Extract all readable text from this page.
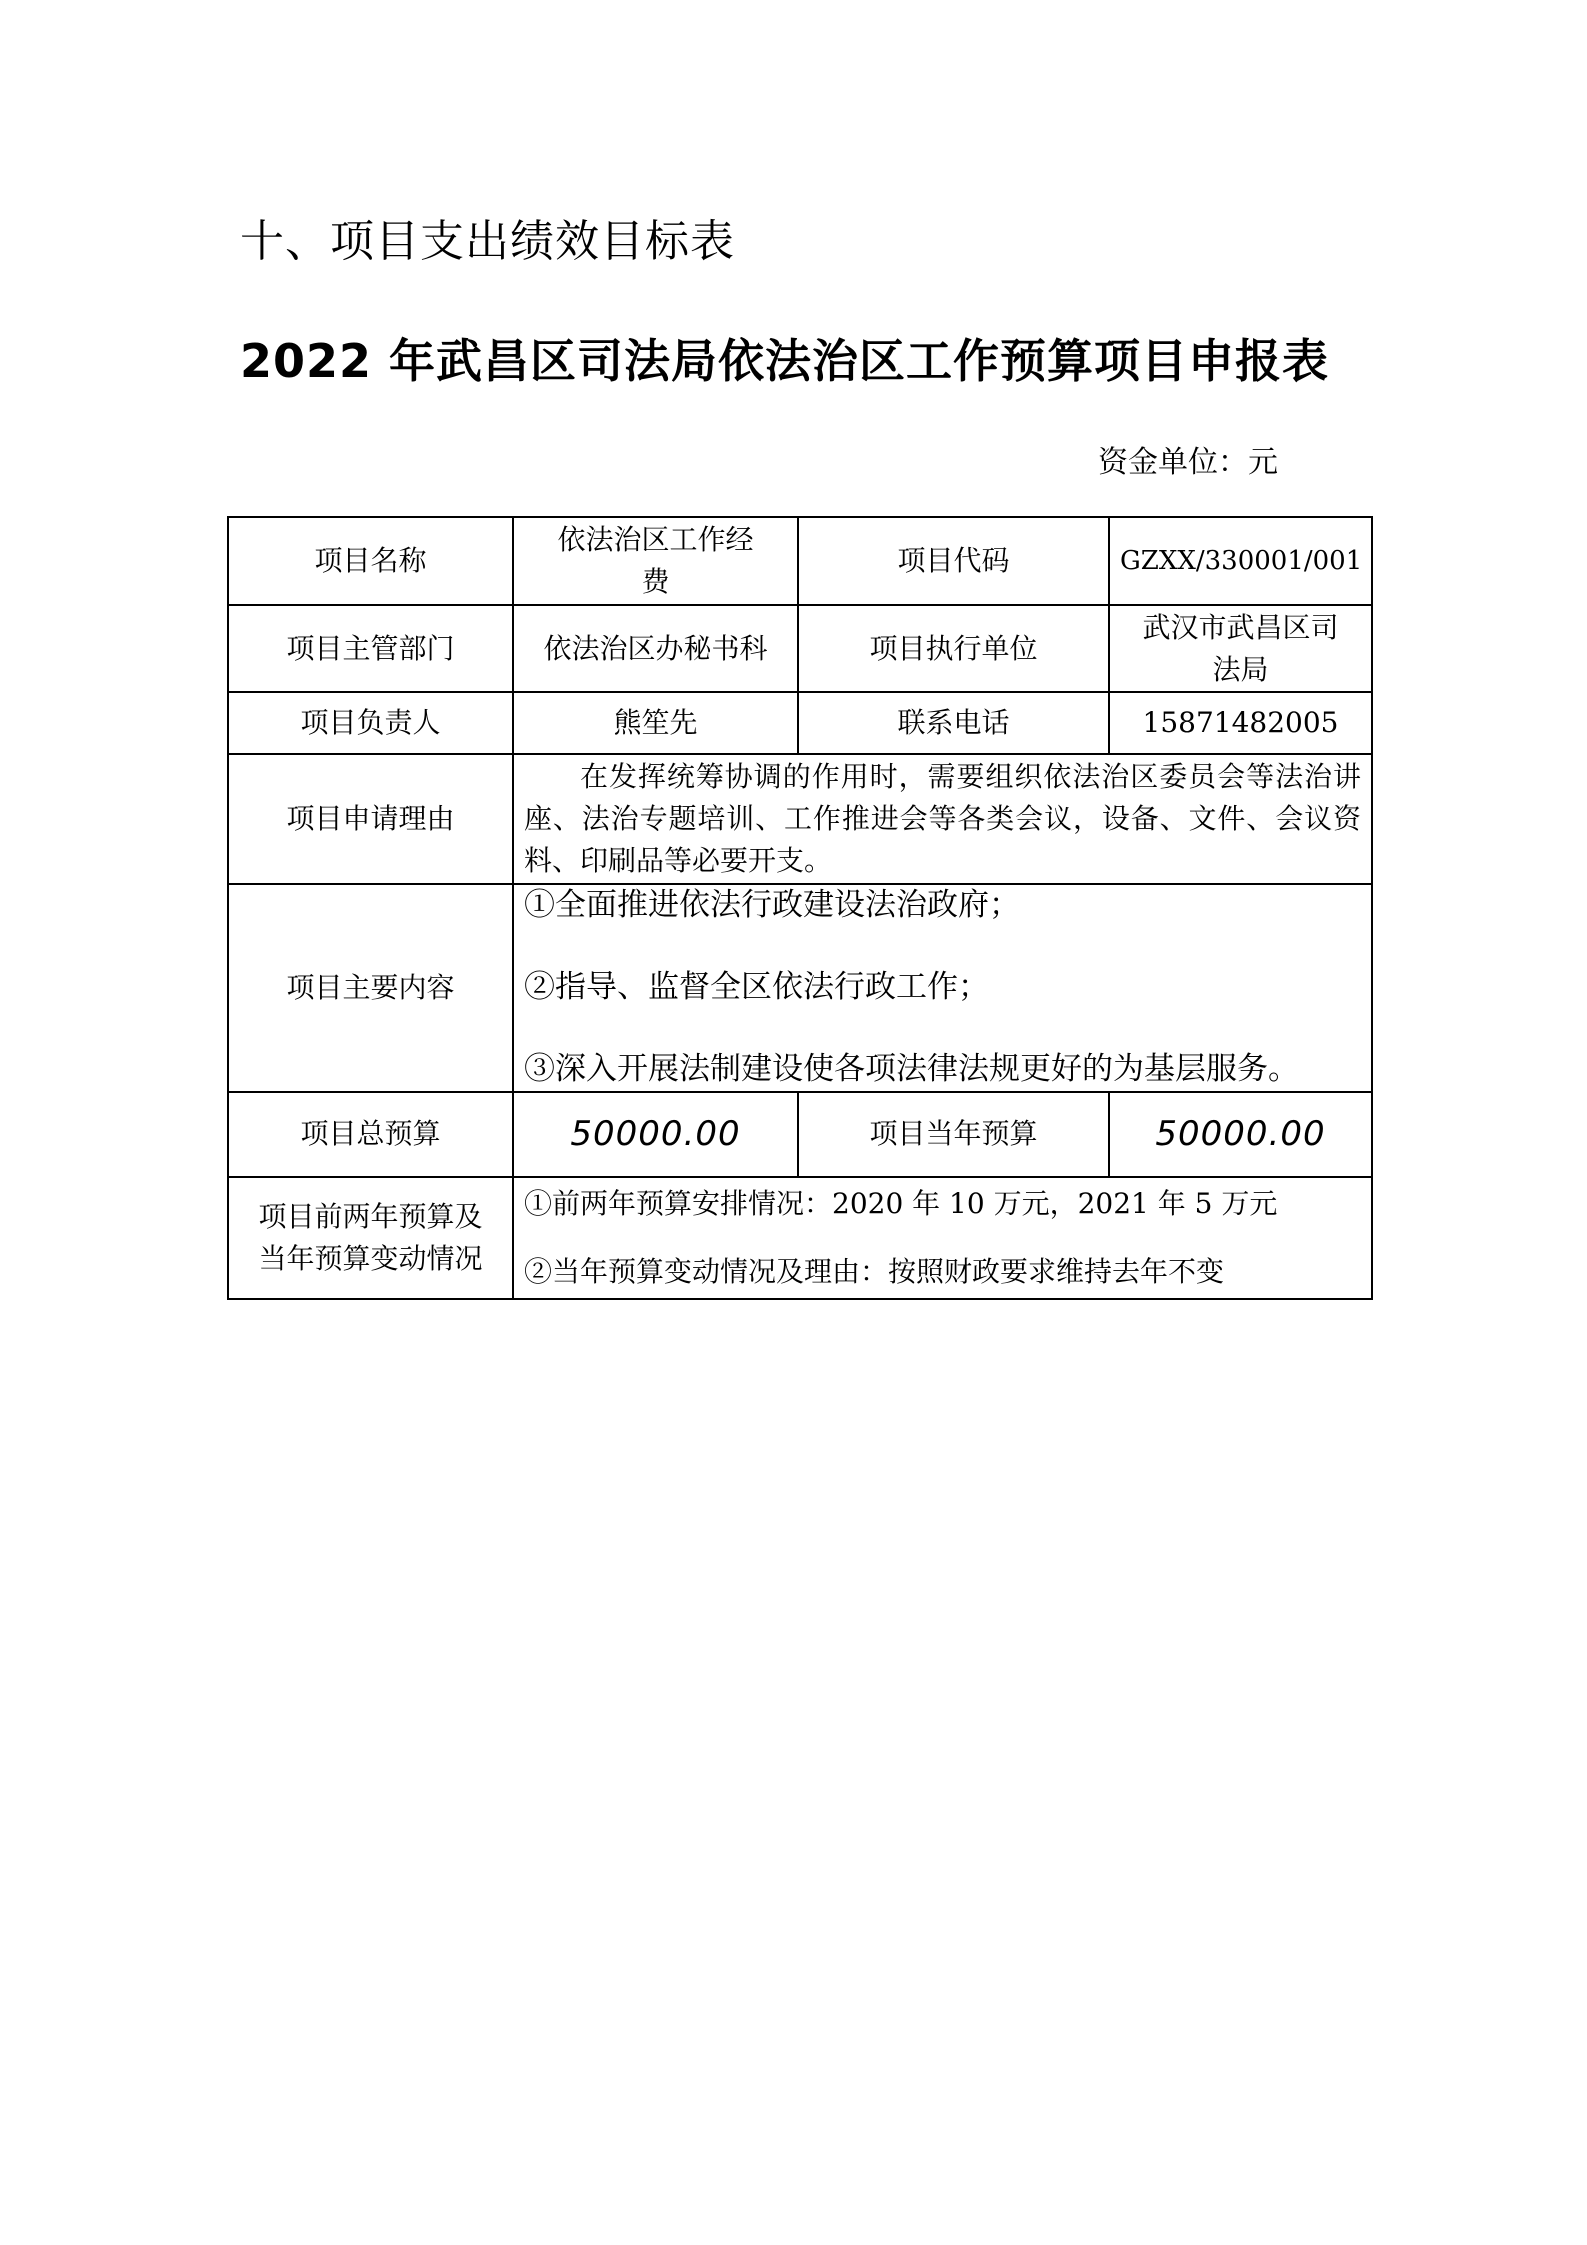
十、项目支出绩效目标表
2022 年武昌区司法局依法治区工作预算项目申报表
资金单位：元
项目名称	依法治区工作经费	项目代码	GZXX/330001/001
项目主管部门	依法治区办秘书科	项目执行单位	武汉市武昌区司法局
项目负责人	熊笙先	联系电话	15871482005
项目申请理由	在发挥统筹协调的作用时，需要组织依法治区委员会等法治讲座、法治专题培训、工作推进会等各类会议，设备、文件、会议资料、印刷品等必要开支。		

项目主要内容	①全面推进依法行政建设法治政府；
②指导、监督全区依法行政工作；
③深入开展法制建设使各项法律法规更好的为基层服务。		

项目总预算	50000.00	项目当年预算	50000.00
项目前两年预算及当年预算变动情况	①前两年预算安排情况：2020 年 10 万元，2021 年 5 万元
②当年预算变动情况及理由：按照财政要求维持去年不变		
